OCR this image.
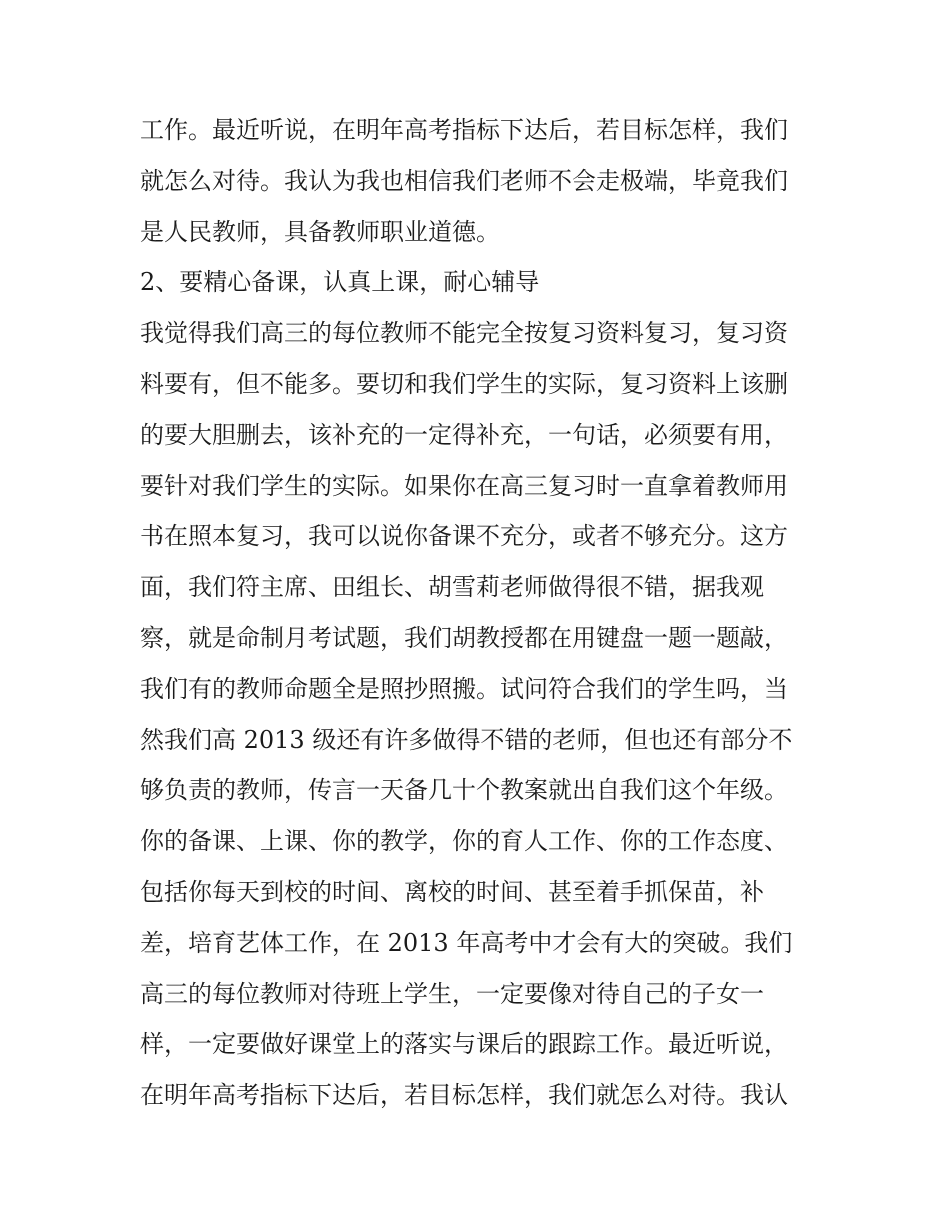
工作。最近听说，在明年高考指标下达后，若目标怎样，我们
就怎么对待。我认为我也相信我们老师不会走极端，毕竟我们
是人民教师，具备教师职业道德。
2、要精心备课，认真上课，耐心辅导
我觉得我们高三的每位教师不能完全按复习资料复习，复习资
料要有，但不能多。要切和我们学生的实际，复习资料上该删
的要大胆删去，该补充的一定得补充，一句话，必须要有用，
要针对我们学生的实际。如果你在高三复习时一直拿着教师用
书在照本复习，我可以说你备课不充分，或者不够充分。这方
面，我们符主席、田组长、胡雪莉老师做得很不错，据我观
察，就是命制月考试题，我们胡教授都在用键盘一题一题敲，
我们有的教师命题全是照抄照搬。试问符合我们的学生吗，当
然我们高 2013 级还有许多做得不错的老师，但也还有部分不
够负责的教师，传言一天备几十个教案就出自我们这个年级。
你的备课、上课、你的教学，你的育人工作、你的工作态度、
包括你每天到校的时间、离校的时间、甚至着手抓保苗，补
差，培育艺体工作，在 2013 年高考中才会有大的突破。我们
高三的每位教师对待班上学生，一定要像对待自己的子女一
样，一定要做好课堂上的落实与课后的跟踪工作。最近听说，
在明年高考指标下达后，若目标怎样，我们就怎么对待。我认
